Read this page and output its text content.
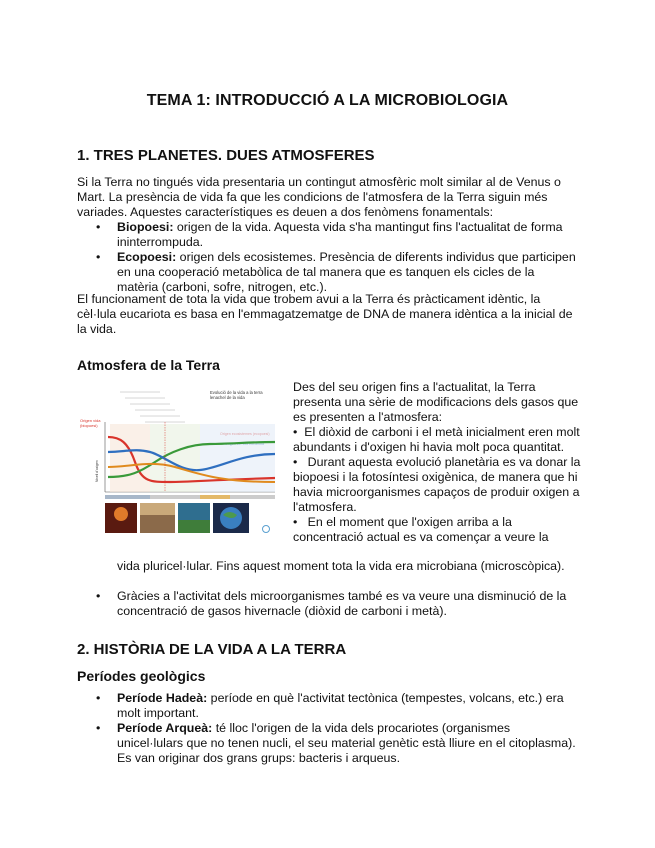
TEMA 1: INTRODUCCIÓ A LA MICROBIOLOGIA
1. TRES PLANETES. DUES ATMOSFERES
Si la Terra no tingués vida presentaria un contingut atmosfèric molt similar al de Venus o Mart. La presència de vida fa que les condicions de l'atmosfera de la Terra siguin més variades. Aquestes característiques es deuen a dos fenòmens fonamentals:
• Biopoesi: origen de la vida. Aquesta vida s'ha mantingut fins l'actualitat de forma ininterrompuda.
• Ecopoesi: origen dels ecosistemes. Presència de diferents individus que participen en una cooperació metabòlica de tal manera que es tanquen els cicles de la matèria (carboni, sofre, nitrogen, etc.).
El funcionament de tota la vida que trobem avui a la Terra és pràcticament idèntic, la cèl·lula eucariota es basa en l'emmagatzematge de DNA de manera idèntica a la inicial de la vida.
Atmosfera de la Terra
Evolució de la vida a la terra
lenachel de la vida
Origen vida
(biopoesi)
Nivell d'oxigen
Des del seu origen fins a l'actualitat, la Terra presenta una sèrie de modificacions dels gasos que es presenten a l'atmosfera:
•  El diòxid de carboni i el metà inicialment eren molt abundants i d'oxigen hi havia molt poca quantitat.
•   Durant aquesta evolució planetària es va donar la biopoesi i la fotosíntesi oxigènica, de manera que hi havia microorganismes capaços de produir oxigen a l'atmosfera.
•   En el moment que l'oxigen arriba a la concentració actual es va començar a veure la
vida pluricel·lular. Fins aquest moment tota la vida era microbiana (microscòpica).
• Gràcies a l'activitat dels microorganismes també es va veure una disminució de la concentració de gasos hivernacle (diòxid de carboni i metà).
2. HISTÒRIA DE LA VIDA A LA TERRA
Períodes geològics
• Període Hadeà: període en què l'activitat tectònica (tempestes, volcans, etc.) era molt important.
• Període Arqueà: té lloc l'origen de la vida dels procariotes (organismes unicel·lulars que no tenen nucli, el seu material genètic està lliure en el citoplasma). Es van originar dos grans grups: bacteris i arqueus.
